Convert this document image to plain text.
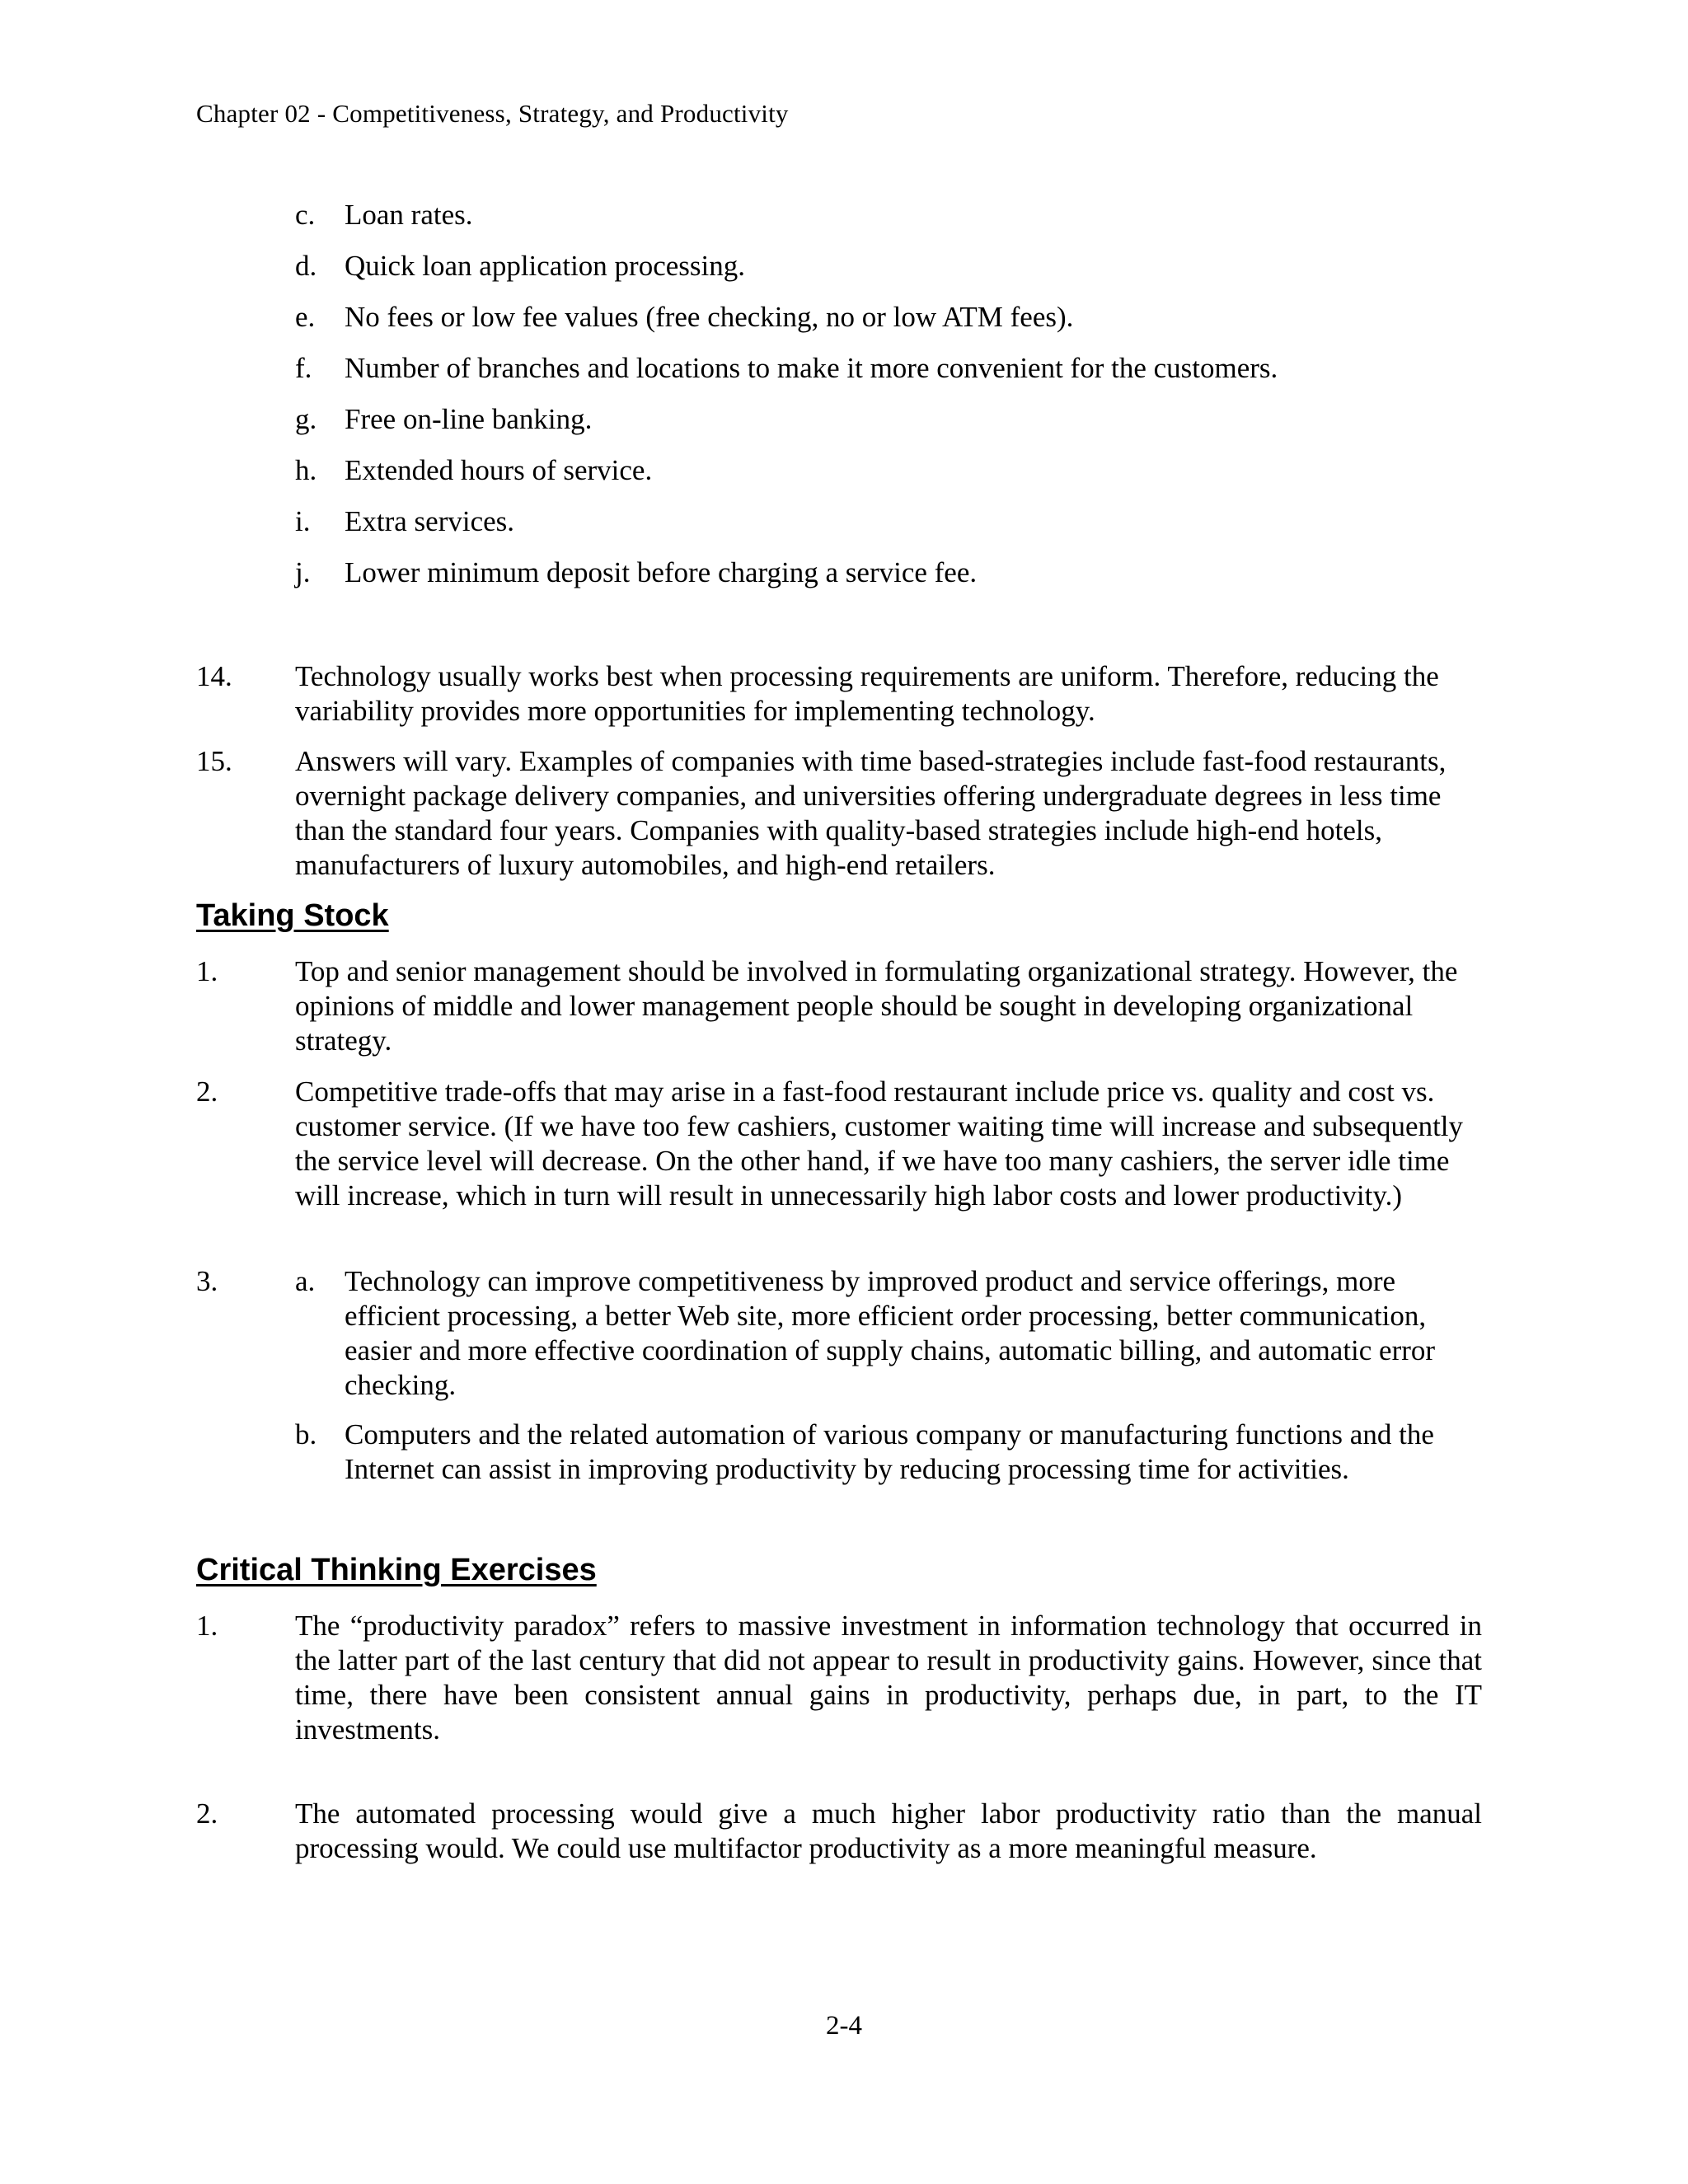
Chapter 02 - Competitiveness, Strategy, and Productivity
c. Loan rates.
d. Quick loan application processing.
e. No fees or low fee values (free checking, no or low ATM fees).
f. Number of branches and locations to make it more convenient for the customers.
g. Free on-line banking.
h. Extended hours of service.
i. Extra services.
j. Lower minimum deposit before charging a service fee.
14. Technology usually works best when processing requirements are uniform. Therefore, reducing the variability provides more opportunities for implementing technology.
15. Answers will vary. Examples of companies with time based-strategies include fast-food restaurants, overnight package delivery companies, and universities offering undergraduate degrees in less time than the standard four years. Companies with quality-based strategies include high-end hotels, manufacturers of luxury automobiles, and high-end retailers.
Taking Stock
1.	Top and senior management should be involved in formulating organizational strategy. However, the opinions of middle and lower management people should be sought in developing organizational strategy.
2.	Competitive trade-offs that may arise in a fast-food restaurant include price vs. quality and cost vs. customer service. (If we have too few cashiers, customer waiting time will increase and subsequently the service level will decrease. On the other hand, if we have too many cashiers, the server idle time will increase, which in turn will result in unnecessarily high labor costs and lower productivity.)
3.	a. Technology can improve competitiveness by improved product and service offerings, more efficient processing, a better Web site, more efficient order processing, better communication, easier and more effective coordination of supply chains, automatic billing, and automatic error checking.
b. Computers and the related automation of various company or manufacturing functions and the Internet can assist in improving productivity by reducing processing time for activities.
Critical Thinking Exercises
1.	The “productivity paradox” refers to massive investment in information technology that occurred in the latter part of the last century that did not appear to result in productivity gains. However, since that time, there have been consistent annual gains in productivity, perhaps due, in part, to the IT investments.
2.	The automated processing would give a much higher labor productivity ratio than the manual processing would. We could use multifactor productivity as a more meaningful measure.
2-4
